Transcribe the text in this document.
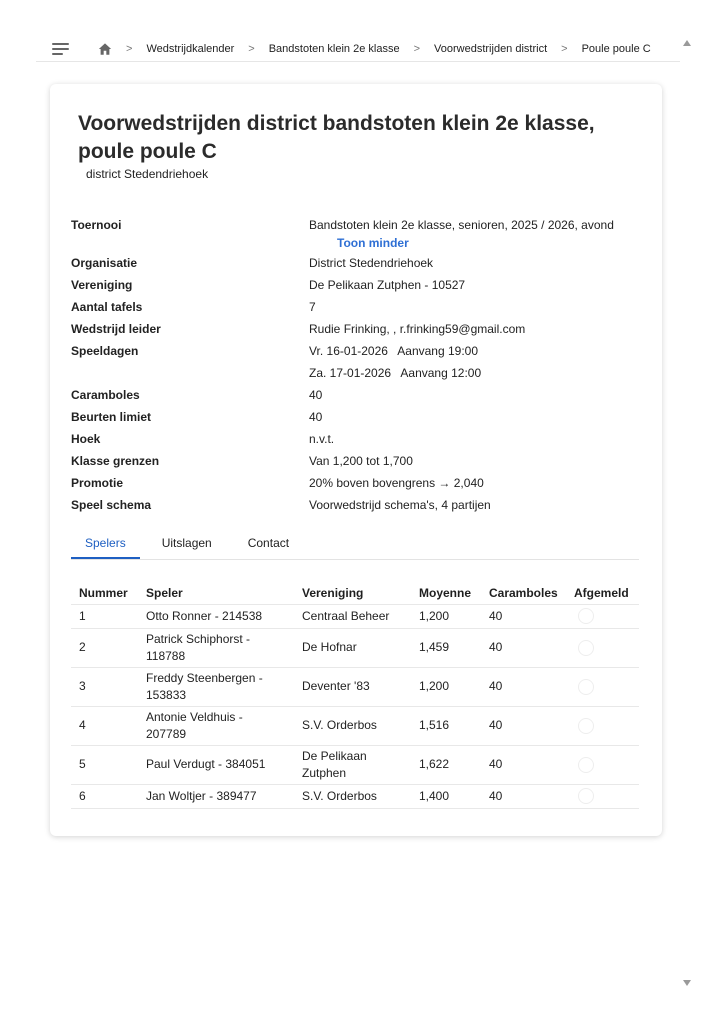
> Wedstrijdkalender > Bandstoten klein 2e klasse > Voorwedstrijden district > Poule poule C
Voorwedstrijden district bandstoten klein 2e klasse, poule poule C
district Stedendriehoek
Toernooi	Bandstoten klein 2e klasse, senioren, 2025 / 2026, avond
Toon minder
Organisatie	District Stedendriehoek
Vereniging	De Pelikaan Zutphen - 10527
Aantal tafels	7
Wedstrijd leider	Rudie Frinking, , r.frinking59@gmail.com
Speeldagen	Vr. 16-01-2026   Aanvang 19:00
Za. 17-01-2026   Aanvang 12:00
Caramboles	40
Beurten limiet	40
Hoek	n.v.t.
Klasse grenzen	Van 1,200 tot 1,700
Promotie	20% boven bovengrens → 2,040
Speel schema	Voorwedstrijd schema's, 4 partijen
Spelers	Uitslagen	Contact
Nummer	Speler	Vereniging	Moyenne	Caramboles	Afgemeld
1	Otto Ronner - 214538	Centraal Beheer	1,200	40	

2	Patrick Schiphorst - 118788	De Hofnar	1,459	40	

3	Freddy Steenbergen - 153833	Deventer '83	1,200	40	

4	Antonie Veldhuis - 207789	S.V. Orderbos	1,516	40	

5	Paul Verdugt - 384051	De Pelikaan Zutphen	1,622	40	

6	Jan Woltjer - 389477	S.V. Orderbos	1,400	40	
